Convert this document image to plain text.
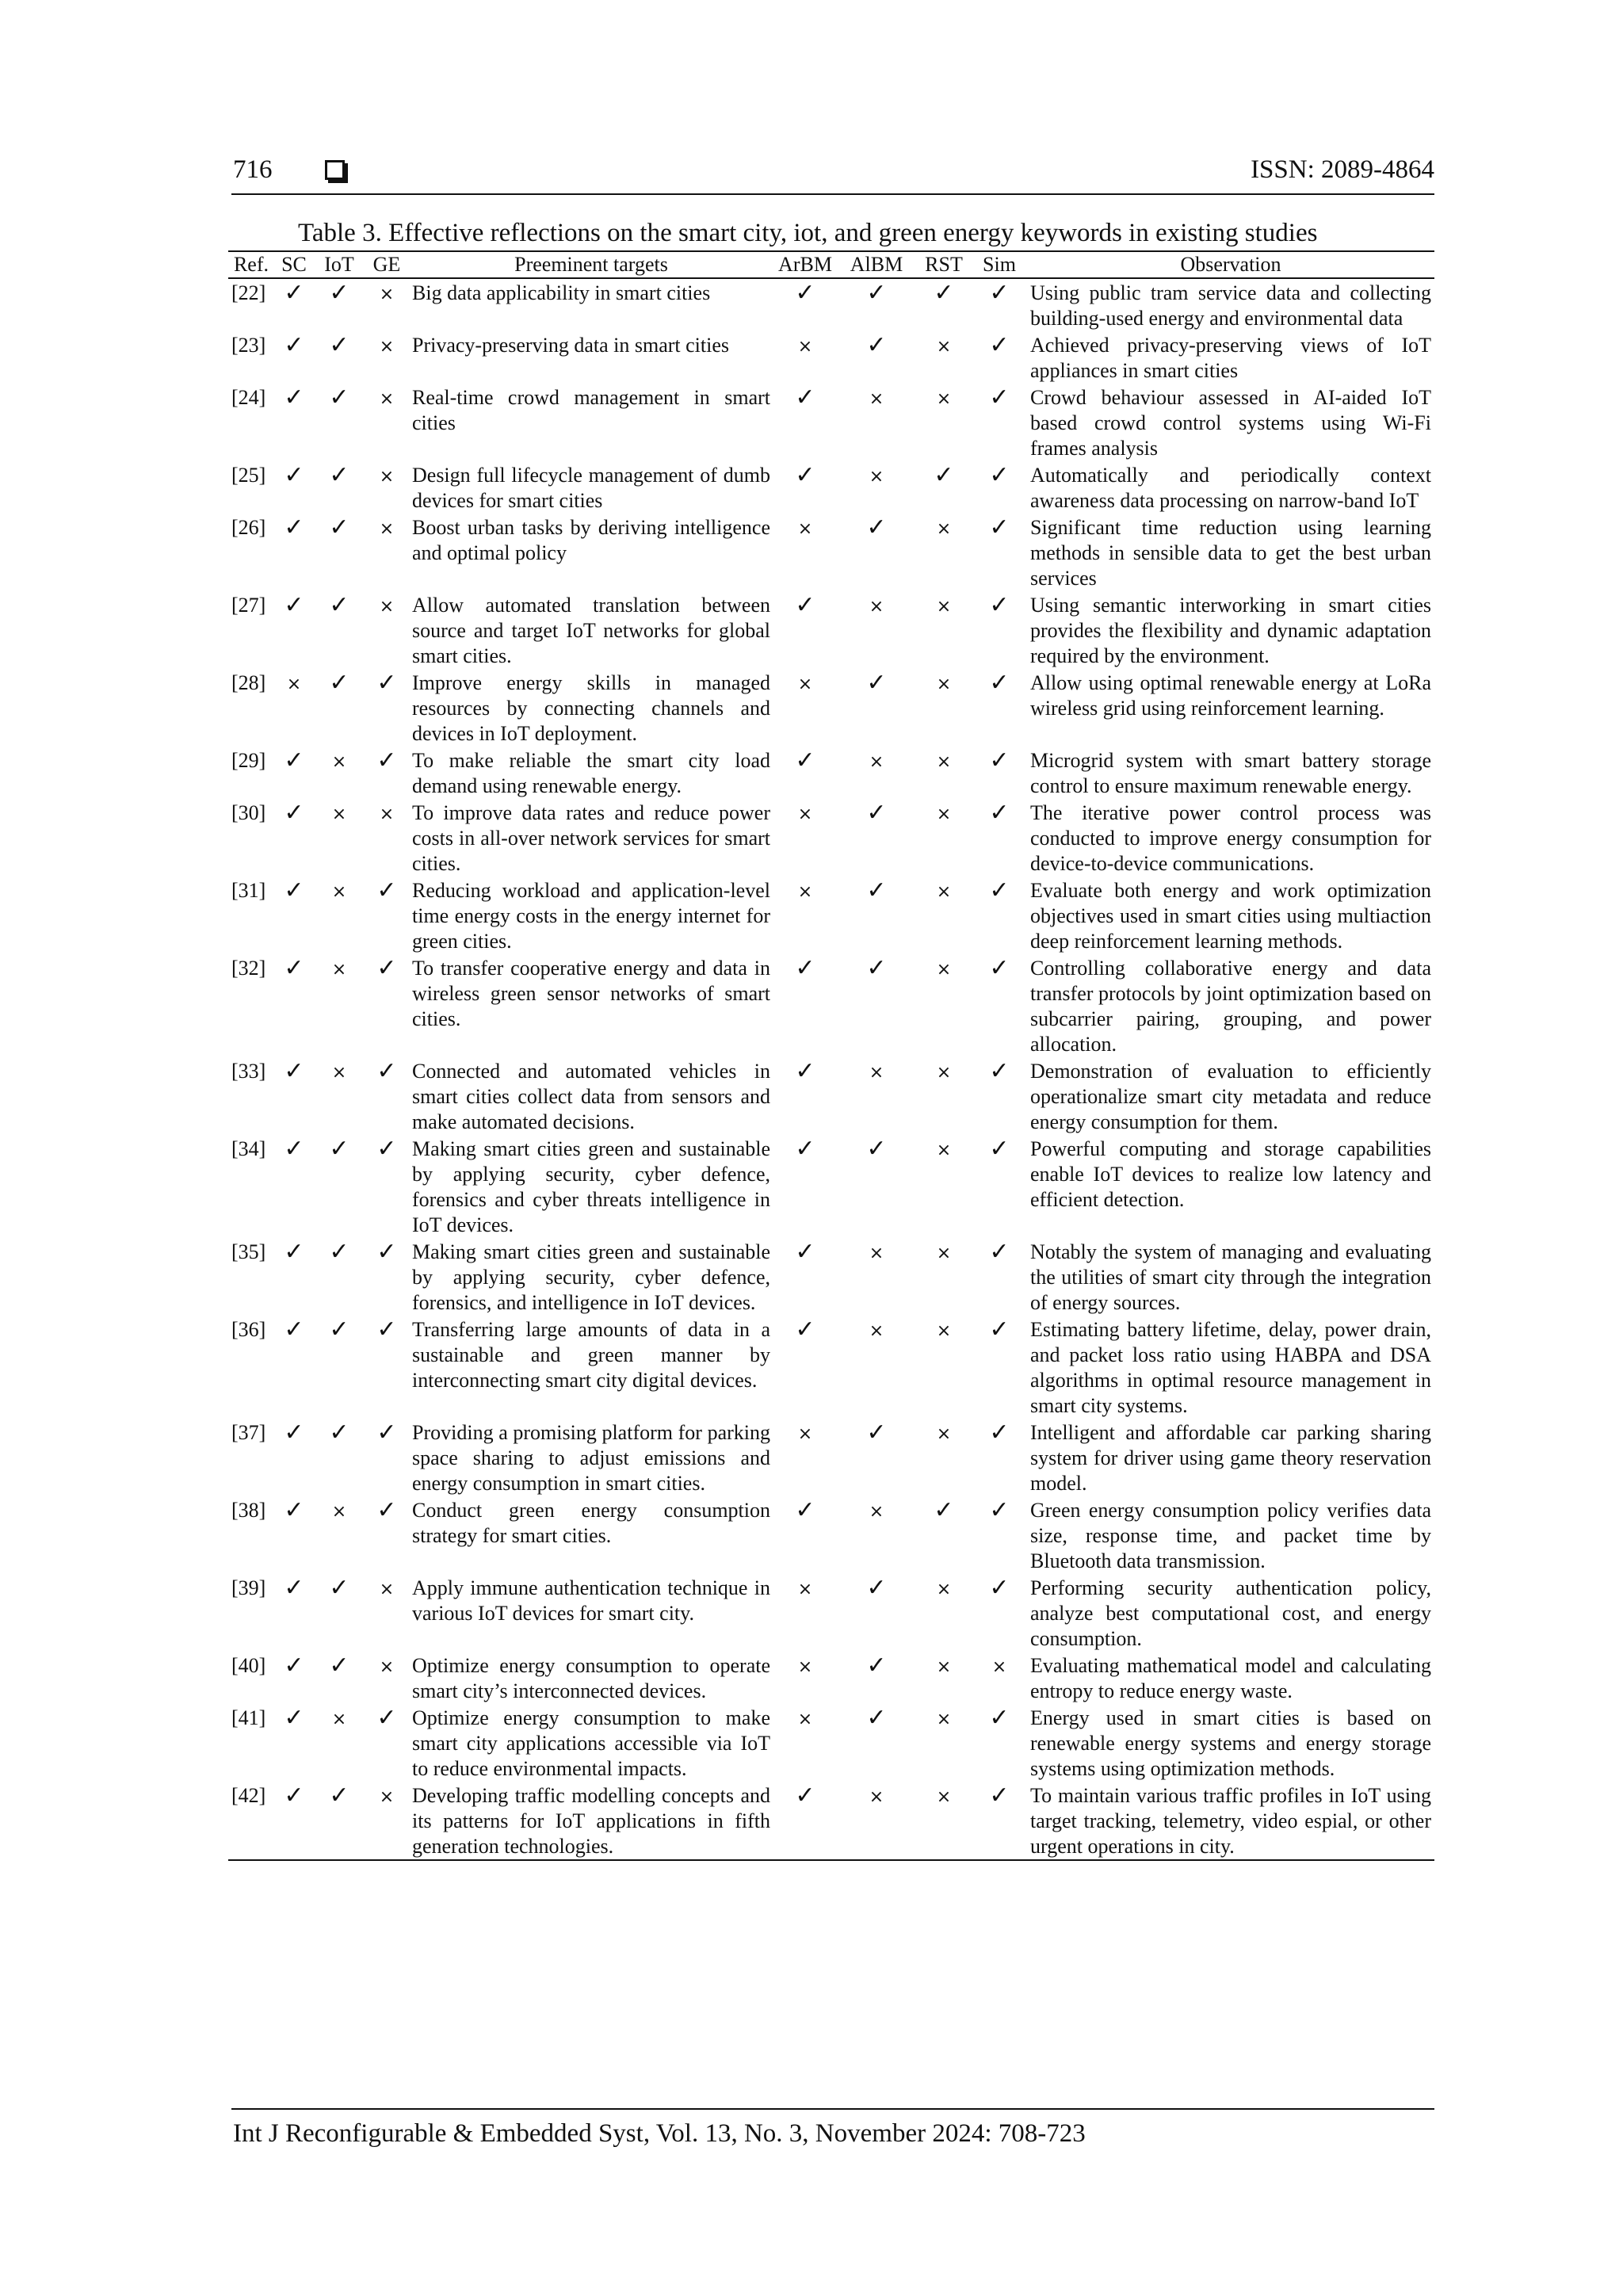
716	ISSN: 2089-4864
Table 3. Effective reflections on the smart city, iot, and green energy keywords in existing studies
Ref.	SC	IoT	GE	Preeminent targets	ArBM	AlBM	RST	Sim	Observation
[22]	✓	✓	×	Big data applicability in smart cities	✓	✓	✓	✓	Using public tram service data and collecting building-used energy and environmental data
[23]	✓	✓	×	Privacy-preserving data in smart cities	×	✓	×	✓	Achieved privacy-preserving views of IoT appliances in smart cities
[24]	✓	✓	×	Real-time crowd management in smart cities	✓	×	×	✓	Crowd behaviour assessed in AI-aided IoT based crowd control systems using Wi-Fi frames analysis
[25]	✓	✓	×	Design full lifecycle management of dumb devices for smart cities	✓	×	✓	✓	Automatically and periodically context awareness data processing on narrow-band IoT
[26]	✓	✓	×	Boost urban tasks by deriving intelligence and optimal policy	×	✓	×	✓	Significant time reduction using learning methods in sensible data to get the best urban services
[27]	✓	✓	×	Allow automated translation between source and target IoT networks for global smart cities.	✓	×	×	✓	Using semantic interworking in smart cities provides the flexibility and dynamic adaptation required by the environment.
[28]	×	✓	✓	Improve energy skills in managed resources by connecting channels and devices in IoT deployment.	×	✓	×	✓	Allow using optimal renewable energy at LoRa wireless grid using reinforcement learning.
[29]	✓	×	✓	To make reliable the smart city load demand using renewable energy.	✓	×	×	✓	Microgrid system with smart battery storage control to ensure maximum renewable energy.
[30]	✓	×	×	To improve data rates and reduce power costs in all-over network services for smart cities.	×	✓	×	✓	The iterative power control process was conducted to improve energy consumption for device-to-device communications.
[31]	✓	×	✓	Reducing workload and application-level time energy costs in the energy internet for green cities.	×	✓	×	✓	Evaluate both energy and work optimization objectives used in smart cities using multiaction deep reinforcement learning methods.
[32]	✓	×	✓	To transfer cooperative energy and data in wireless green sensor networks of smart cities.	✓	✓	×	✓	Controlling collaborative energy and data transfer protocols by joint optimization based on subcarrier pairing, grouping, and power allocation.
[33]	✓	×	✓	Connected and automated vehicles in smart cities collect data from sensors and make automated decisions.	✓	×	×	✓	Demonstration of evaluation to efficiently operationalize smart city metadata and reduce energy consumption for them.
[34]	✓	✓	✓	Making smart cities green and sustainable by applying security, cyber defence, forensics and cyber threats intelligence in IoT devices.	✓	✓	×	✓	Powerful computing and storage capabilities enable IoT devices to realize low latency and efficient detection.
[35]	✓	✓	✓	Making smart cities green and sustainable by applying security, cyber defence, forensics, and intelligence in IoT devices.	✓	×	×	✓	Notably the system of managing and evaluating the utilities of smart city through the integration of energy sources.
[36]	✓	✓	✓	Transferring large amounts of data in a sustainable and green manner by interconnecting smart city digital devices.	✓	×	×	✓	Estimating battery lifetime, delay, power drain, and packet loss ratio using HABPA and DSA algorithms in optimal resource management in smart city systems.
[37]	✓	✓	✓	Providing a promising platform for parking space sharing to adjust emissions and energy consumption in smart cities.	×	✓	×	✓	Intelligent and affordable car parking sharing system for driver using game theory reservation model.
[38]	✓	×	✓	Conduct green energy consumption strategy for smart cities.	✓	×	✓	✓	Green energy consumption policy verifies data size, response time, and packet time by Bluetooth data transmission.
[39]	✓	✓	×	Apply immune authentication technique in various IoT devices for smart city.	×	✓	×	✓	Performing security authentication policy, analyze best computational cost, and energy consumption.
[40]	✓	✓	×	Optimize energy consumption to operate smart city’s interconnected devices.	×	✓	×	×	Evaluating mathematical model and calculating entropy to reduce energy waste.
[41]	✓	×	✓	Optimize energy consumption to make smart city applications accessible via IoT to reduce environmental impacts.	×	✓	×	✓	Energy used in smart cities is based on renewable energy systems and energy storage systems using optimization methods.
[42]	✓	✓	×	Developing traffic modelling concepts and its patterns for IoT applications in fifth generation technologies.	✓	×	×	✓	To maintain various traffic profiles in IoT using target tracking, telemetry, video espial, or other urgent operations in city.
Int J Reconfigurable & Embedded Syst, Vol. 13, No. 3, November 2024: 708-723
